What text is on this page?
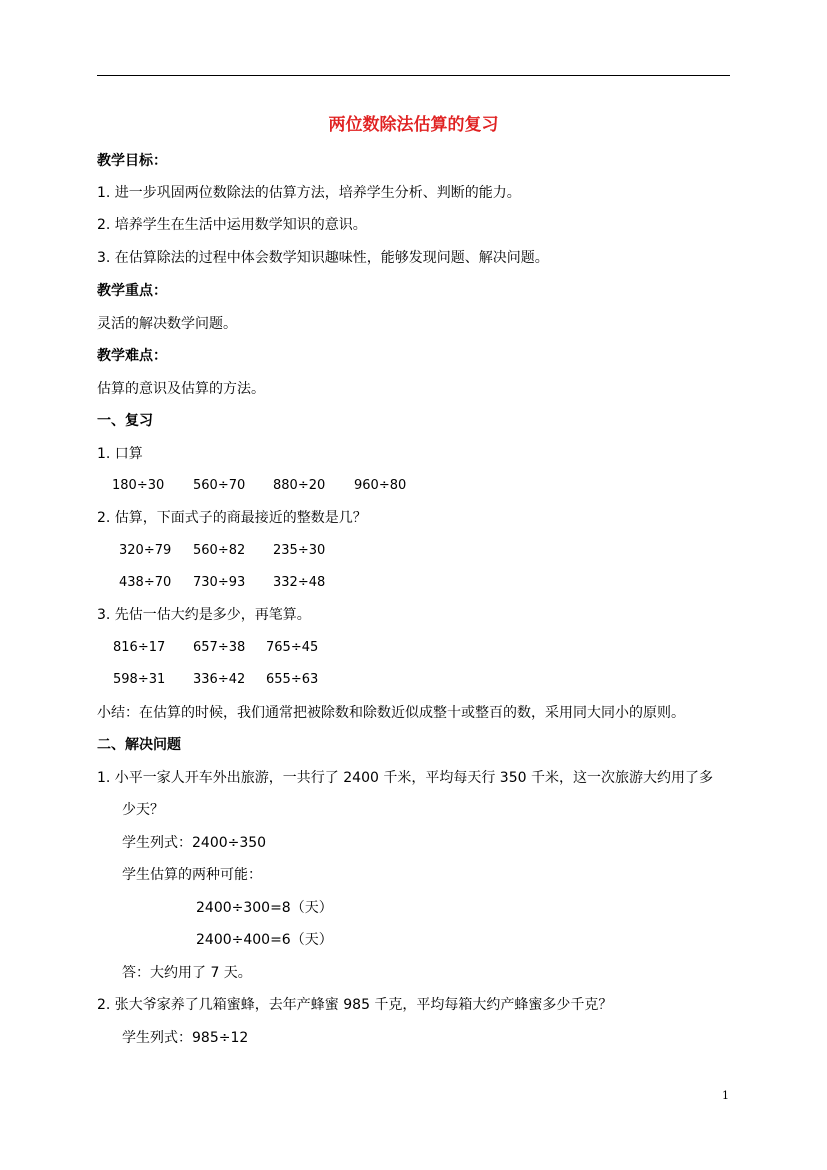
两位数除法估算的复习
教学目标：
1. 进一步巩固两位数除法的估算方法，培养学生分析、判断的能力。
2. 培养学生在生活中运用数学知识的意识。
3. 在估算除法的过程中体会数学知识趣味性，能够发现问题、解决问题。
教学重点：
灵活的解决数学问题。
教学难点：
估算的意识及估算的方法。
一、复习
1. 口算
180÷30 560÷70 880÷20 960÷80
2. 估算，下面式子的商最接近的整数是几？
320÷79 560÷82 235÷30
438÷70 730÷93 332÷48
3. 先估一估大约是多少，再笔算。
816÷17 657÷38 765÷45
598÷31 336÷42 655÷63
小结：在估算的时候，我们通常把被除数和除数近似成整十或整百的数，采用同大同小的原则。
二、解决问题
1. 小平一家人开车外出旅游，一共行了 2400 千米，平均每天行 350 千米，这一次旅游大约用了多
少天？
学生列式：2400÷350
学生估算的两种可能：
2400÷300=8（天）
2400÷400=6（天）
答：大约用了 7 天。
2. 张大爷家养了几箱蜜蜂，去年产蜂蜜 985 千克，平均每箱大约产蜂蜜多少千克？
学生列式：985÷12
1
